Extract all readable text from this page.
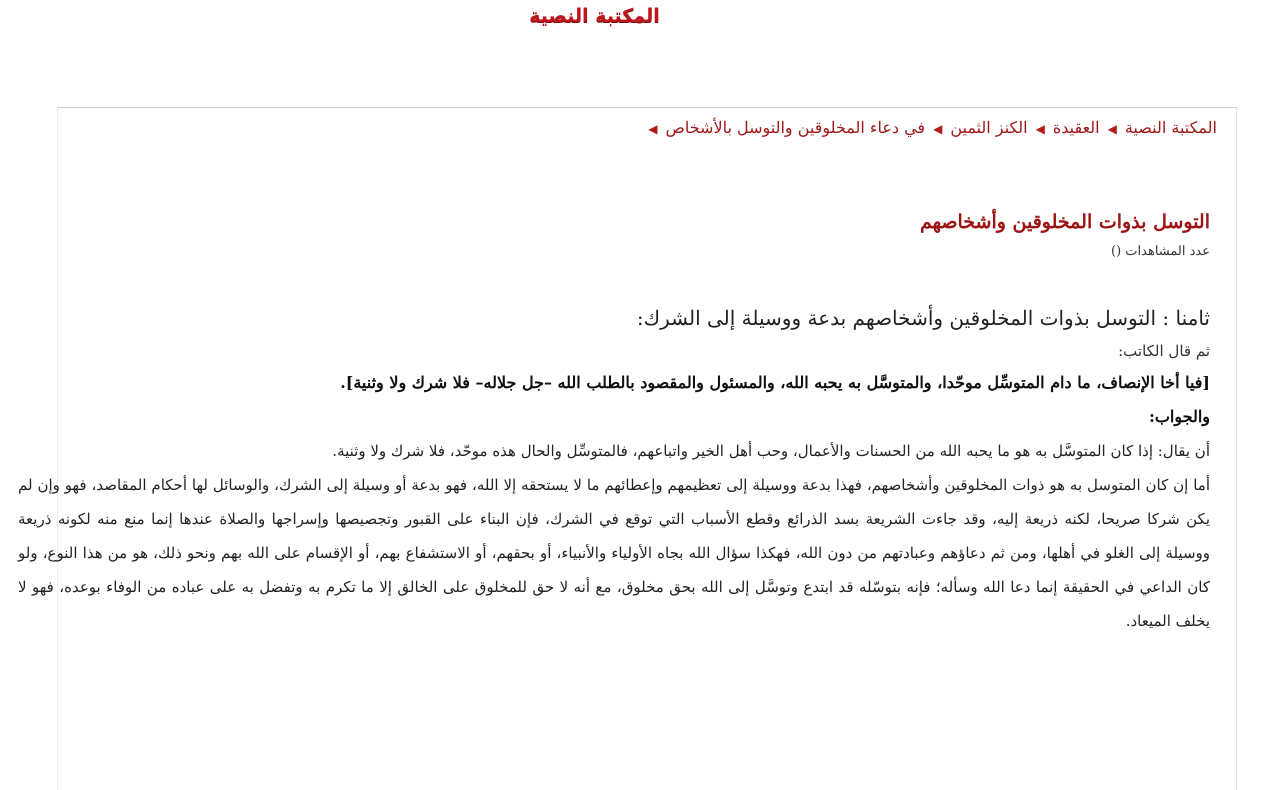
المكتبة النصية
المكتبة النصية◀العقيدة◀الكنز الثمين◀في دعاء المخلوقين والتوسل بالأشخاص◀
التوسل بذوات المخلوقين وأشخاصهم
عدد المشاهدات ()

ثامنا : التوسل بذوات المخلوقين وأشخاصهم بدعة ووسيلة إلى الشرك:

ثم قال الكاتب:

[فيا أخا الإنصاف، ما دام المتوسِّل موحّدا، والمتوسَّل به يحبه الله، والمسئول والمقصود بالطلب الله –جل جلاله– فلا شرك ولا وثنية].

والجواب:

أن يقال: إذا كان المتوسَّل به هو ما يحبه الله من الحسنات والأعمال، وحب أهل الخير واتباعهم، فالمتوسِّل والحال هذه موحّد، فلا شرك ولا وثنية.

أما إن كان المتوسل به هو ذوات المخلوقين وأشخاصهم، فهذا بدعة ووسيلة إلى تعظيمهم وإعطائهم ما لا يستحقه إلا الله، فهو بدعة أو وسيلة إلى الشرك، والوسائل لها أحكام المقاصد، فهو وإن لم يكن شركا صريحا، لكنه ذريعة إليه، وقد جاءت الشريعة بسد الذرائع وقطع الأسباب التي توقع في الشرك، فإن البناء على القبور وتجصيصها وإسراجها والصلاة عندها إنما منع منه لكونه ذريعة ووسيلة إلى الغلو في أهلها، ومن ثم دعاؤهم وعبادتهم من دون الله، فهكذا سؤال الله بجاه الأولياء والأنبياء، أو بحقهم، أو الاستشفاع بهم، أو الإقسام على الله بهم ونحو ذلك، هو من هذا النوع، ولو كان الداعي في الحقيقة إنما دعا الله وسأله؛ فإنه بتوسّله قد ابتدع وتوسَّل إلى الله بحق مخلوق، مع أنه لا حق للمخلوق على الخالق إلا ما تكرم به وتفضل به على عباده من الوفاء بوعده، فهو لا يخلف الميعاد.
